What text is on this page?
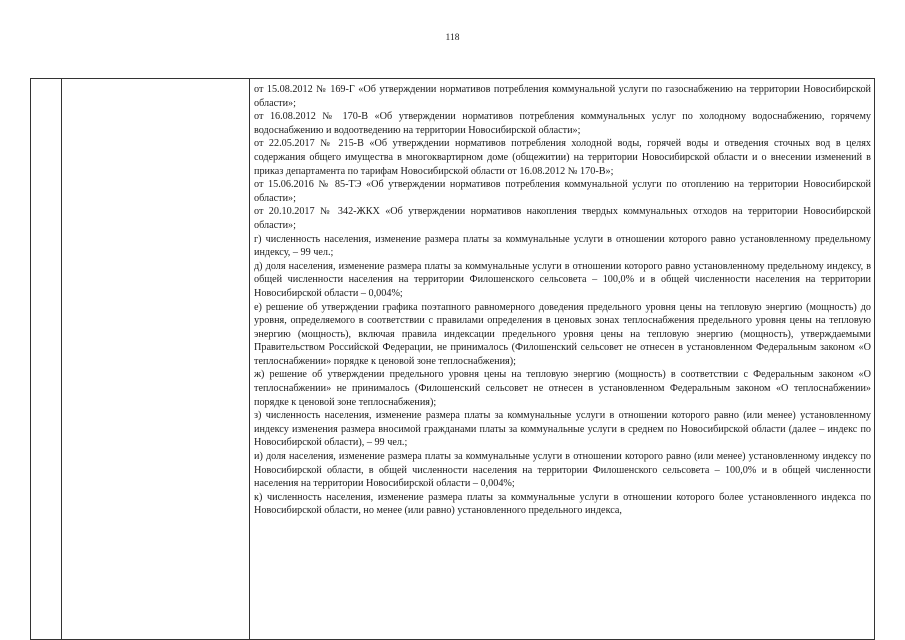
118

от 15.08.2012 № 169-Г «Об утверждении нормативов потребления коммунальной услуги по газоснабжению на территории Новосибирской области»;

от 16.08.2012 № 170-В «Об утверждении нормативов потребления коммунальных услуг по холодному водоснабжению, горячему водоснабжению и водоотведению на территории Новосибирской области»;

от 22.05.2017 № 215-В «Об утверждении нормативов потребления холодной воды, горячей воды и отведения сточных вод в целях содержания общего имущества в многоквартирном доме (общежитии) на территории Новосибирской области и о внесении изменений в приказ департамента по тарифам Новосибирской области от 16.08.2012 № 170-В»;

от 15.06.2016 № 85-ТЭ «Об утверждении нормативов потребления коммунальной услуги по отоплению на территории Новосибирской области»;

от 20.10.2017 № 342-ЖКХ «Об утверждении нормативов накопления твердых коммунальных отходов на территории Новосибирской области»;

г) численность населения, изменение размера платы за коммунальные услуги в отношении которого равно установленному предельному индексу, – 99 чел.;

д) доля населения, изменение размера платы за коммунальные услуги в отношении которого равно установленному предельному индексу, в общей численности населения на территории Филошенского сельсовета – 100,0% и в общей численности населения на территории Новосибирской области – 0,004%;

е) решение об утверждении графика поэтапного равномерного доведения предельного уровня цены на тепловую энергию (мощность) до уровня, определяемого в соответствии с правилами определения в ценовых зонах теплоснабжения предельного уровня цены на тепловую энергию (мощность), включая правила индексации предельного уровня цены на тепловую энергию (мощность), утверждаемыми Правительством Российской Федерации, не принималось (Филошенский сельсовет не отнесен в установленном Федеральным законом «О теплоснабжении» порядке к ценовой зоне теплоснабжения);

ж) решение об утверждении предельного уровня цены на тепловую энергию (мощность) в соответствии с Федеральным законом «О теплоснабжении» не принималось (Филошенский сельсовет не отнесен в установленном Федеральным законом «О теплоснабжении» порядке к ценовой зоне теплоснабжения);

з) численность населения, изменение размера платы за коммунальные услуги в отношении которого равно (или менее) установленному индексу изменения размера вносимой гражданами платы за коммунальные услуги в среднем по Новосибирской области (далее – индекс по Новосибирской области), – 99 чел.;

и) доля населения, изменение размера платы за коммунальные услуги в отношении которого равно (или менее) установленному индексу по Новосибирской области, в общей численности населения на территории Филошенского сельсовета – 100,0% и в общей численности населения на территории Новосибирской области – 0,004%;

к) численность населения, изменение размера платы за коммунальные услуги в отношении которого более установленного индекса по Новосибирской области, но менее (или равно) установленного предельного индекса,
